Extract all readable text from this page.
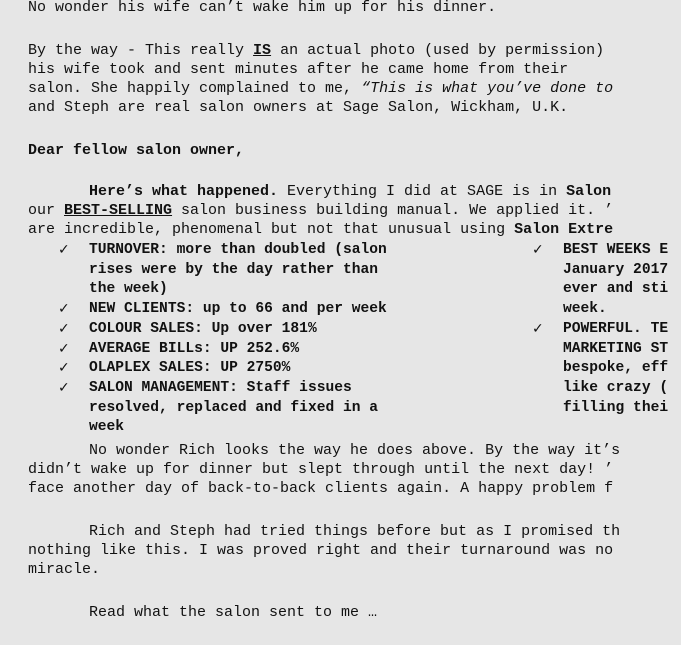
No wonder his wife can’t wake him up for his dinner.
By the way - This really IS an actual photo (used by permission)
his wife took and sent minutes after he came home from their
salon. She happily complained to me, “This is what you’ve done to
and Steph are real salon owners at Sage Salon, Wickham, U.K.
Dear fellow salon owner,
Here’s what happened. Everything I did at SAGE is in Salon
our BEST-SELLING salon business building manual. We applied it. ’
are incredible, phenomenal but not that unusual using Salon Extre
✓ TURNOVER: more than doubled (salon
rises were by the day rather than
the week)
✓ NEW CLIENTS: up to 66 and per week
✓ COLOUR SALES: Up over 181%
✓ AVERAGE BILLs: UP 252.6%
✓ OLAPLEX SALES: UP 2750%
✓ SALON MANAGEMENT: Staff issues
resolved, replaced and fixed in a
week
✓ BEST WEEKS E
January 2017
ever and sti
week.
✓ POWERFUL. TE
MARKETING ST
bespoke, eff
like crazy (
filling thei
No wonder Rich looks the way he does above. By the way it’s
didn’t wake up for dinner but slept through until the next day! ’
face another day of back-to-back clients again. A happy problem f
Rich and Steph had tried things before but as I promised th
nothing like this. I was proved right and their turnaround was no
miracle.
Read what the salon sent to me …
